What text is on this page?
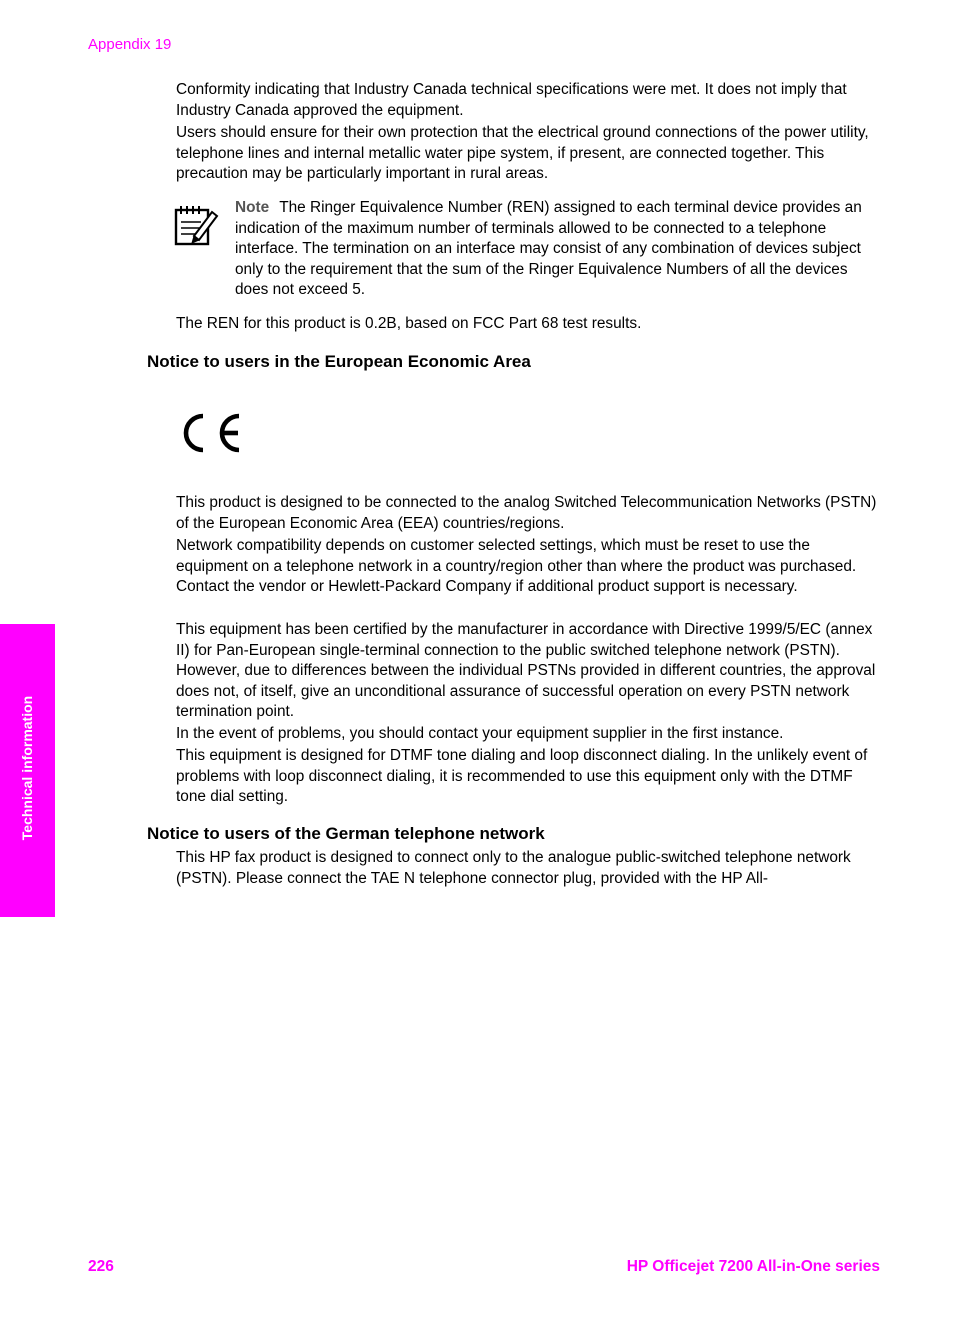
Appendix 19
Technical information

Conformity indicating that Industry Canada technical specifications were met. It does not imply that Industry Canada approved the equipment.

Users should ensure for their own protection that the electrical ground connections of the power utility, telephone lines and internal metallic water pipe system, if present, are connected together. This precaution may be particularly important in rural areas.

Note The Ringer Equivalence Number (REN) assigned to each terminal device provides an indication of the maximum number of terminals allowed to be connected to a telephone interface. The termination on an interface may consist of any combination of devices subject only to the requirement that the sum of the Ringer Equivalence Numbers of all the devices does not exceed 5.

The REN for this product is 0.2B, based on FCC Part 68 test results.

Notice to users in the European Economic Area

This product is designed to be connected to the analog Switched Telecommunication Networks (PSTN) of the European Economic Area (EEA) countries/regions.

Network compatibility depends on customer selected settings, which must be reset to use the equipment on a telephone network in a country/region other than where the product was purchased. Contact the vendor or Hewlett-Packard Company if additional product support is necessary.

This equipment has been certified by the manufacturer in accordance with Directive 1999/5/EC (annex II) for Pan-European single-terminal connection to the public switched telephone network (PSTN). However, due to differences between the individual PSTNs provided in different countries, the approval does not, of itself, give an unconditional assurance of successful operation on every PSTN network termination point.

In the event of problems, you should contact your equipment supplier in the first instance.

This equipment is designed for DTMF tone dialing and loop disconnect dialing. In the unlikely event of problems with loop disconnect dialing, it is recommended to use this equipment only with the DTMF tone dial setting.

Notice to users of the German telephone network

This HP fax product is designed to connect only to the analogue public-switched telephone network (PSTN). Please connect the TAE N telephone connector plug, provided with the HP All-

226	HP Officejet 7200 All-in-One series
